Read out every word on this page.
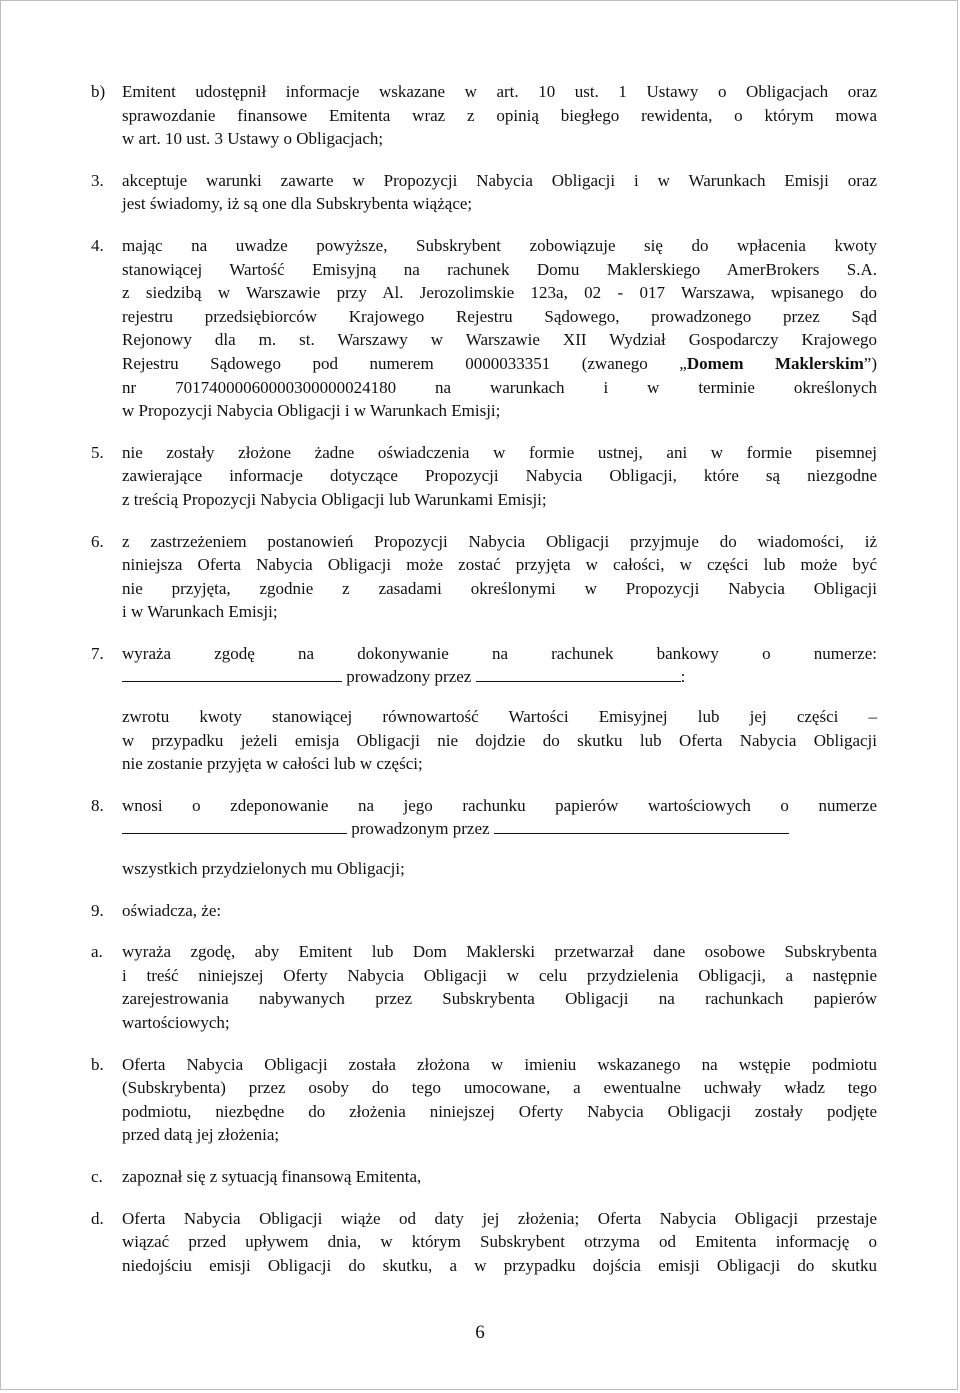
b) Emitent udostępnił informacje wskazane w art. 10 ust. 1 Ustawy o Obligacjach oraz
sprawozdanie finansowe Emitenta wraz z opinią biegłego rewidenta, o którym mowa
w art. 10 ust. 3 Ustawy o Obligacjach;
3. akceptuje warunki zawarte w Propozycji Nabycia Obligacji i w Warunkach Emisji oraz
jest świadomy, iż są one dla Subskrybenta wiążące;
4. mając na uwadze powyższe, Subskrybent zobowiązuje się do wpłacenia kwoty
stanowiącej Wartość Emisyjną na rachunek Domu Maklerskiego AmerBrokers S.A.
z siedzibą w Warszawie przy Al. Jerozolimskie 123a, 02 - 017 Warszawa, wpisanego do
rejestru przedsiębiorców Krajowego Rejestru Sądowego, prowadzonego przez Sąd
Rejonowy dla m. st. Warszawy w Warszawie XII Wydział Gospodarczy Krajowego
Rejestru Sądowego pod numerem 0000033351 (zwanego „Domem Maklerskim”)
nr 70174000060000300000024180 na warunkach i w terminie określonych
w Propozycji Nabycia Obligacji i w Warunkach Emisji;
5. nie zostały złożone żadne oświadczenia w formie ustnej, ani w formie pisemnej
zawierające informacje dotyczące Propozycji Nabycia Obligacji, które są niezgodne
z treścią Propozycji Nabycia Obligacji lub Warunkami Emisji;
6. z zastrzeżeniem postanowień Propozycji Nabycia Obligacji przyjmuje do wiadomości, iż
niniejsza Oferta Nabycia Obligacji może zostać przyjęta w całości, w części lub może być
nie przyjęta, zgodnie z zasadami określonymi w Propozycji Nabycia Obligacji
i w Warunkach Emisji;
7. wyraża zgodę na dokonywanie na rachunek bankowy o numerze:
prowadzony przez	:
zwrotu kwoty stanowiącej równowartość Wartości Emisyjnej lub jej części –
w przypadku jeżeli emisja Obligacji nie dojdzie do skutku lub Oferta Nabycia Obligacji
nie zostanie przyjęta w całości lub w części;
8. wnosi o zdeponowanie na jego rachunku papierów wartościowych o numerze
prowadzonym przez
wszystkich przydzielonych mu Obligacji;
9. oświadcza, że:
a. wyraża zgodę, aby Emitent lub Dom Maklerski przetwarzał dane osobowe Subskrybenta
i treść niniejszej Oferty Nabycia Obligacji w celu przydzielenia Obligacji, a następnie
zarejestrowania nabywanych przez Subskrybenta Obligacji na rachunkach papierów
wartościowych;
b. Oferta Nabycia Obligacji została złożona w imieniu wskazanego na wstępie podmiotu
(Subskrybenta) przez osoby do tego umocowane, a ewentualne uchwały władz tego
podmiotu, niezbędne do złożenia niniejszej Oferty Nabycia Obligacji zostały podjęte
przed datą jej złożenia;
c. zapoznał się z sytuacją finansową Emitenta,
d. Oferta Nabycia Obligacji wiąże od daty jej złożenia; Oferta Nabycia Obligacji przestaje
wiązać przed upływem dnia, w którym Subskrybent otrzyma od Emitenta informację o
niedojściu emisji Obligacji do skutku, a w przypadku dojścia emisji Obligacji do skutku
6
